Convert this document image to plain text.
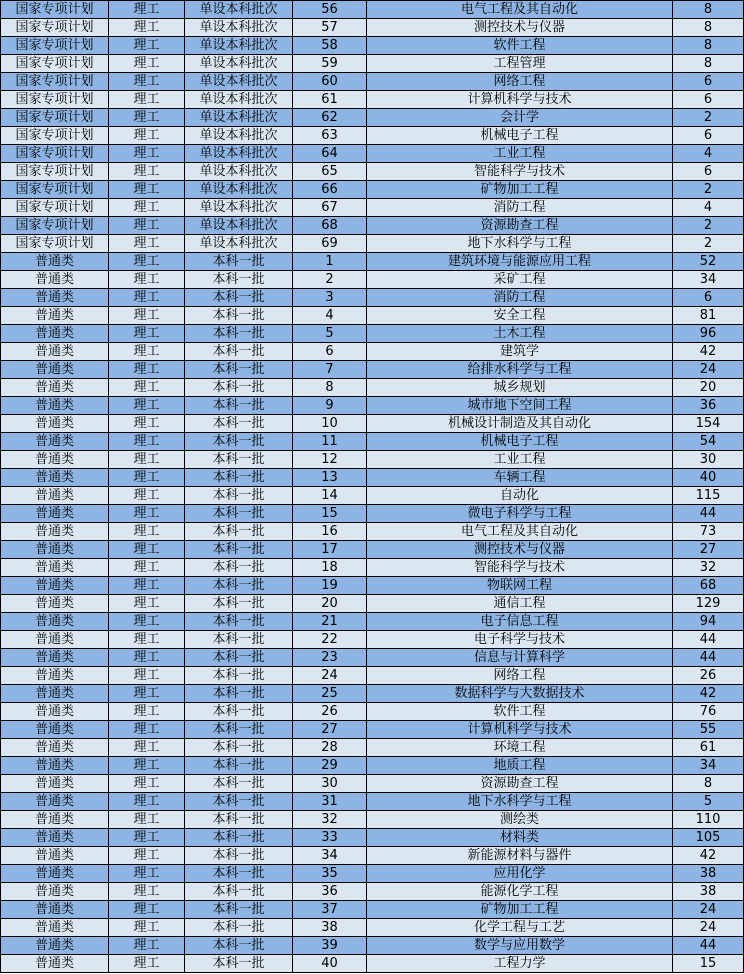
国家专项计划	理工	单设本科批次	56	电气工程及其自动化	8
国家专项计划	理工	单设本科批次	57	测控技术与仪器	8
国家专项计划	理工	单设本科批次	58	软件工程	8
国家专项计划	理工	单设本科批次	59	工程管理	8
国家专项计划	理工	单设本科批次	60	网络工程	6
国家专项计划	理工	单设本科批次	61	计算机科学与技术	6
国家专项计划	理工	单设本科批次	62	会计学	2
国家专项计划	理工	单设本科批次	63	机械电子工程	6
国家专项计划	理工	单设本科批次	64	工业工程	4
国家专项计划	理工	单设本科批次	65	智能科学与技术	6
国家专项计划	理工	单设本科批次	66	矿物加工工程	2
国家专项计划	理工	单设本科批次	67	消防工程	4
国家专项计划	理工	单设本科批次	68	资源勘查工程	2
国家专项计划	理工	单设本科批次	69	地下水科学与工程	2
普通类	理工	本科一批	1	建筑环境与能源应用工程	52
普通类	理工	本科一批	2	采矿工程	34
普通类	理工	本科一批	3	消防工程	6
普通类	理工	本科一批	4	安全工程	81
普通类	理工	本科一批	5	土木工程	96
普通类	理工	本科一批	6	建筑学	42
普通类	理工	本科一批	7	给排水科学与工程	24
普通类	理工	本科一批	8	城乡规划	20
普通类	理工	本科一批	9	城市地下空间工程	36
普通类	理工	本科一批	10	机械设计制造及其自动化	154
普通类	理工	本科一批	11	机械电子工程	54
普通类	理工	本科一批	12	工业工程	30
普通类	理工	本科一批	13	车辆工程	40
普通类	理工	本科一批	14	自动化	115
普通类	理工	本科一批	15	微电子科学与工程	44
普通类	理工	本科一批	16	电气工程及其自动化	73
普通类	理工	本科一批	17	测控技术与仪器	27
普通类	理工	本科一批	18	智能科学与技术	32
普通类	理工	本科一批	19	物联网工程	68
普通类	理工	本科一批	20	通信工程	129
普通类	理工	本科一批	21	电子信息工程	94
普通类	理工	本科一批	22	电子科学与技术	44
普通类	理工	本科一批	23	信息与计算科学	44
普通类	理工	本科一批	24	网络工程	26
普通类	理工	本科一批	25	数据科学与大数据技术	42
普通类	理工	本科一批	26	软件工程	76
普通类	理工	本科一批	27	计算机科学与技术	55
普通类	理工	本科一批	28	环境工程	61
普通类	理工	本科一批	29	地质工程	34
普通类	理工	本科一批	30	资源勘查工程	8
普通类	理工	本科一批	31	地下水科学与工程	5
普通类	理工	本科一批	32	测绘类	110
普通类	理工	本科一批	33	材料类	105
普通类	理工	本科一批	34	新能源材料与器件	42
普通类	理工	本科一批	35	应用化学	38
普通类	理工	本科一批	36	能源化学工程	38
普通类	理工	本科一批	37	矿物加工工程	24
普通类	理工	本科一批	38	化学工程与工艺	24
普通类	理工	本科一批	39	数学与应用数学	44
普通类	理工	本科一批	40	工程力学	15
